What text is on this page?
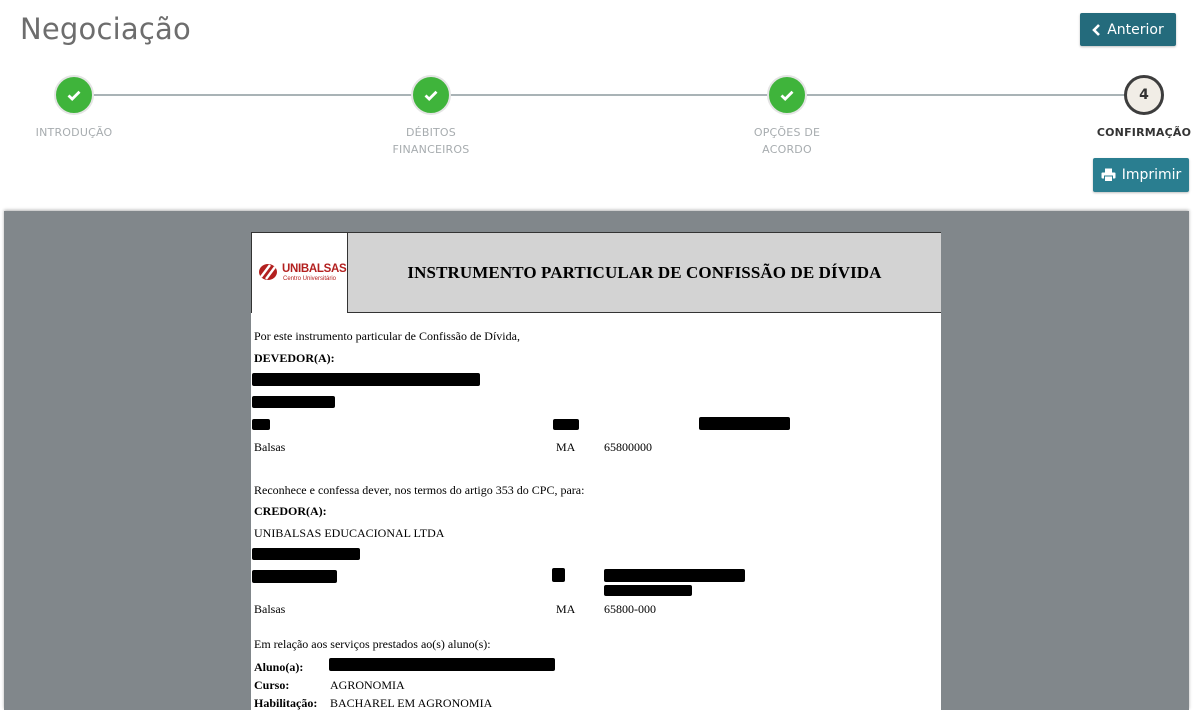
Negociação	Anterior
INTRODUÇÃO	DÉBITOS
FINANCEIROS
OPÇÕES DE
ACORDO
4
CONFIRMAÇÃO
Imprimir
UNIBALSAS
Centro Universitário	INSTRUMENTO PARTICULAR DE CONFISSÃO DE DÍVIDA
Por este instrumento particular de Confissão de Dívida,
DEVEDOR(A):
Balsas	MA 65800000
Reconhece e confessa dever, nos termos do artigo 353 do CPC, para:
CREDOR(A):
UNIBALSAS EDUCACIONAL LTDA
Balsas	MA 65800-000
Em relação aos serviços prestados ao(s) aluno(s):
Aluno(a):
Curso:	AGRONOMIA
Habilitação: BACHAREL EM AGRONOMIA
